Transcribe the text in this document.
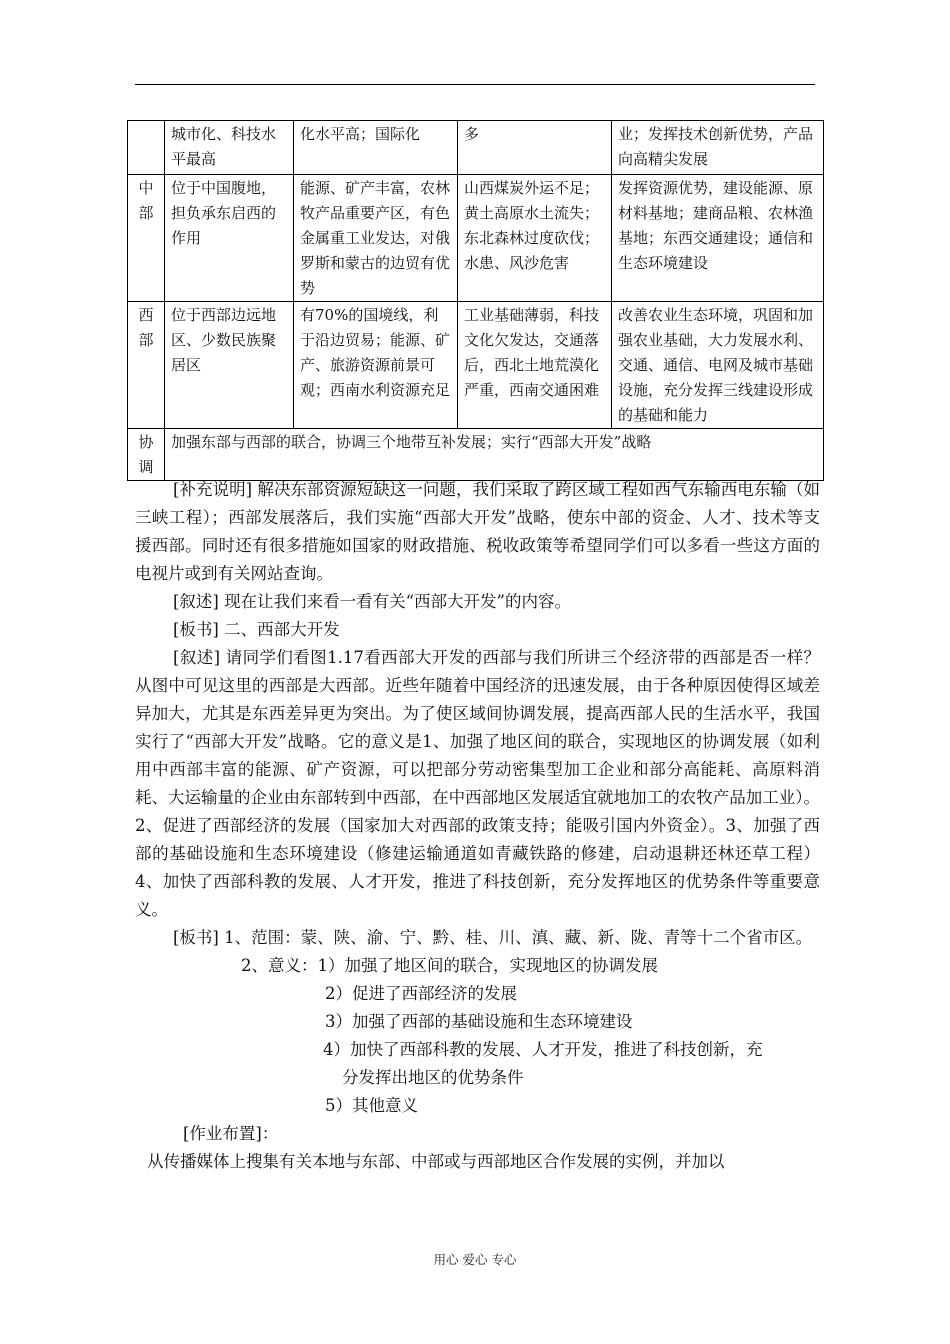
	城市化、科技水平最高	化水平高；国际化	多	业；发挥技术创新优势，产品向高精尖发展
中部	位于中国腹地，担负承东启西的作用	能源、矿产丰富，农林牧产品重要产区，有色金属重工业发达，对俄罗斯和蒙古的边贸有优势	山西煤炭外运不足；黄土高原水土流失；东北森林过度砍伐；水患、风沙危害	发挥资源优势，建设能源、原材料基地；建商品粮、农林渔基地；东西交通建设；通信和生态环境建设
西部	位于西部边远地区、少数民族聚居区	有70%的国境线，利于沿边贸易；能源、矿产、旅游资源前景可观；西南水利资源充足	工业基础薄弱，科技文化欠发达，交通落后，西北土地荒漠化严重，西南交通困难	改善农业生态环境，巩固和加强农业基础，大力发展水利、交通、通信、电网及城市基础设施，充分发挥三线建设形成的基础和能力
协调	加强东部与西部的联合，协调三个地带互补发展；实行“西部大开发”战略			

[补充说明] 解决东部资源短缺这一问题，我们采取了跨区域工程如西气东输西电东输（如三峡工程）；西部发展落后，我们实施“西部大开发”战略，使东中部的资金、人才、技术等支援西部。同时还有很多措施如国家的财政措施、税收政策等希望同学们可以多看一些这方面的电视片或到有关网站查询。

[叙述] 现在让我们来看一看有关“西部大开发”的内容。

[板书] 二、西部大开发

[叙述] 请同学们看图1.17看西部大开发的西部与我们所讲三个经济带的西部是否一样？从图中可见这里的西部是大西部。近些年随着中国经济的迅速发展，由于各种原因使得区域差异加大，尤其是东西差异更为突出。为了使区域间协调发展，提高西部人民的生活水平，我国实行了“西部大开发”战略。它的意义是1、加强了地区间的联合，实现地区的协调发展（如利用中西部丰富的能源、矿产资源，可以把部分劳动密集型加工企业和部分高能耗、高原料消耗、大运输量的企业由东部转到中西部，在中西部地区发展适宜就地加工的农牧产品加工业）。2、促进了西部经济的发展（国家加大对西部的政策支持；能吸引国内外资金）。3、加强了西部的基础设施和生态环境建设（修建运输通道如青藏铁路的修建，启动退耕还林还草工程）4、加快了西部科教的发展、人才开发，推进了科技创新，充分发挥地区的优势条件等重要意义。

[板书] 1、范围：蒙、陕、渝、宁、黔、桂、川、滇、藏、新、陇、青等十二个省市区。

2、意义：1）加强了地区间的联合，实现地区的协调发展

2）促进了西部经济的发展

3）加强了西部的基础设施和生态环境建设

4）加快了西部科教的发展、人才开发，推进了科技创新，充

分发挥出地区的优势条件

5）其他意义

[作业布置]：

从传播媒体上搜集有关本地与东部、中部或与西部地区合作发展的实例，并加以

用心 爱心 专心
